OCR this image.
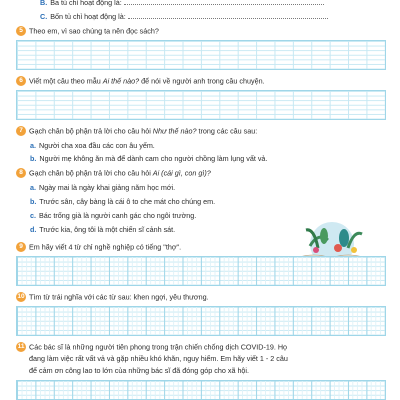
B. Ba tủ chỉ hoạt động là:
C. Bốn tủ chỉ hoạt động là:
5 Theo em, vì sao chúng ta nên đọc sách?
6 Viết một câu theo mẫu Ai thế nào? để nói về người anh trong câu chuyện.
7 Gạch chân bộ phận trả lời cho câu hỏi Như thế nào? trong các câu sau:
a. Người cha xoa đầu các con âu yếm.
b. Người mẹ không ăn mà để dành cam cho người chồng làm lụng vất vả.
8 Gạch chân bộ phận trả lời cho câu hỏi Ai (cái gì, con gì)?
a. Ngày mai là ngày khai giảng năm học mới.
b. Trước sân, cây bàng là cái ô to che mát cho chúng em.
c. Bác trống già là người canh gác cho ngôi trường.
d. Trước kia, ông tôi là một chiến sĩ cảnh sát.
9 Em hãy viết 4 từ chỉ nghề nghiệp có tiếng "thợ".
10 Tìm từ trái nghĩa với các từ sau: khen ngợi, yêu thương.
11 Các bác sĩ là những người tiên phong trong trận chiến chống dịch COVID-19. Họ
đang làm việc rất vất vả và gặp nhiều khó khăn, nguy hiểm. Em hãy viết 1 - 2 câu
để cảm ơn công lao to lớn của những bác sĩ đã đóng góp cho xã hội.
